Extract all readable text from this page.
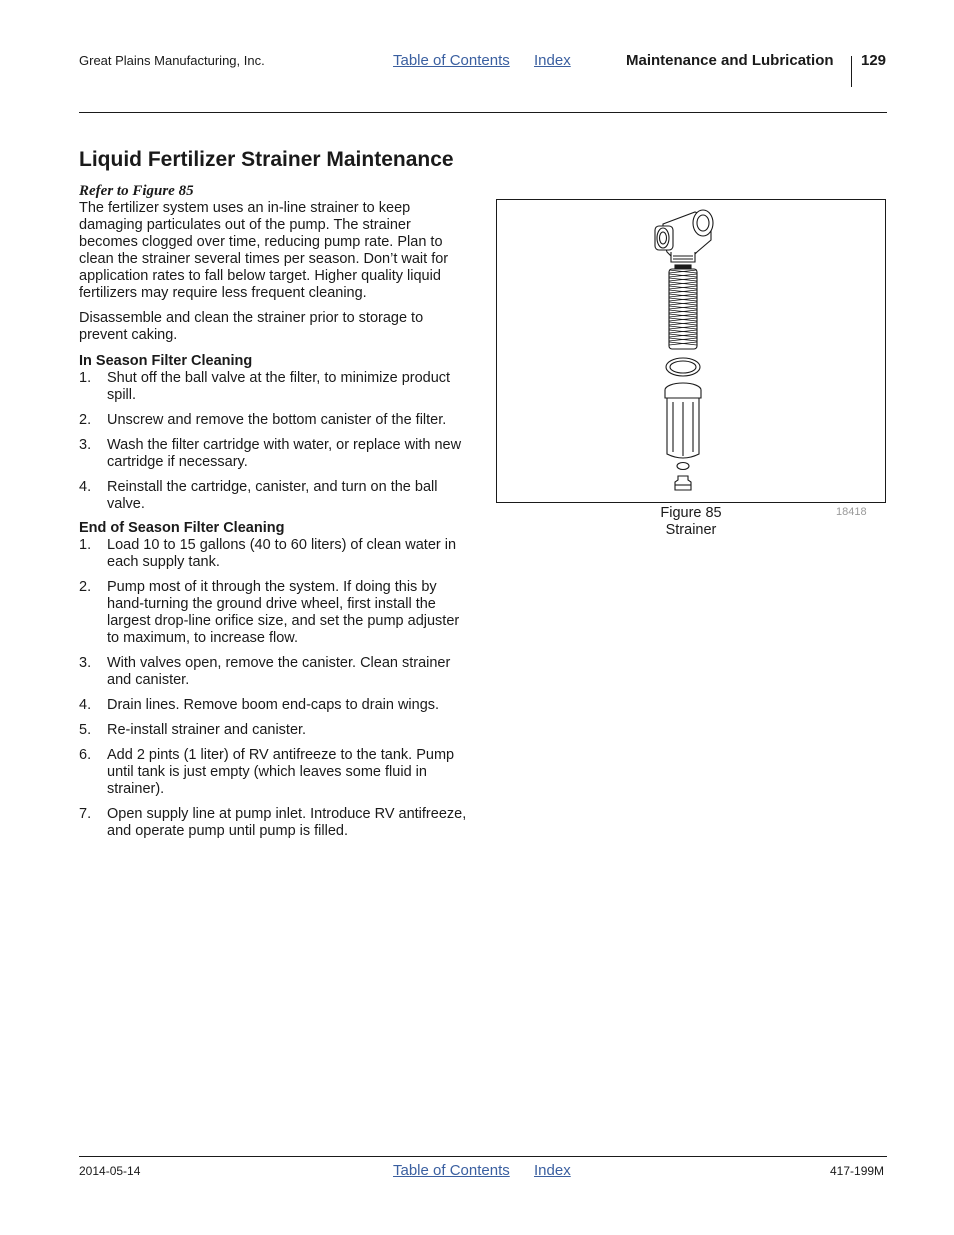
Great Plains Manufacturing, Inc.	Table of Contents Index	Maintenance and Lubrication 129
Liquid Fertilizer Strainer Maintenance
Refer to Figure 85

The fertilizer system uses an in-line strainer to keep damaging particulates out of the pump. The strainer becomes clogged over time, reducing pump rate. Plan to clean the strainer several times per season. Don’t wait for application rates to fall below target. Higher quality liquid fertilizers may require less frequent cleaning.

Disassemble and clean the strainer prior to storage to prevent caking.

In Season Filter Cleaning
1. Shut off the ball valve at the filter, to minimize product spill.
2. Unscrew and remove the bottom canister of the filter.
3. Wash the filter cartridge with water, or replace with new cartridge if necessary.
4. Reinstall the cartridge, canister, and turn on the ball valve.
End of Season Filter Cleaning
1. Load 10 to 15 gallons (40 to 60 liters) of clean water in each supply tank.
2. Pump most of it through the system. If doing this by hand-turning the ground drive wheel, first install the largest drop-line orifice size, and set the pump adjuster to maximum, to increase flow.
3. With valves open, remove the canister. Clean strainer and canister.
4. Drain lines. Remove boom end-caps to drain wings.
5. Re-install strainer and canister.
6. Add 2 pints (1 liter) of RV antifreeze to the tank. Pump until tank is just empty (which leaves some fluid in strainer).
7. Open supply line at pump inlet. Introduce RV antifreeze, and operate pump until pump is filled.
Figure 85
Strainer
18418
2014-05-14	Table of Contents Index	417-199M
